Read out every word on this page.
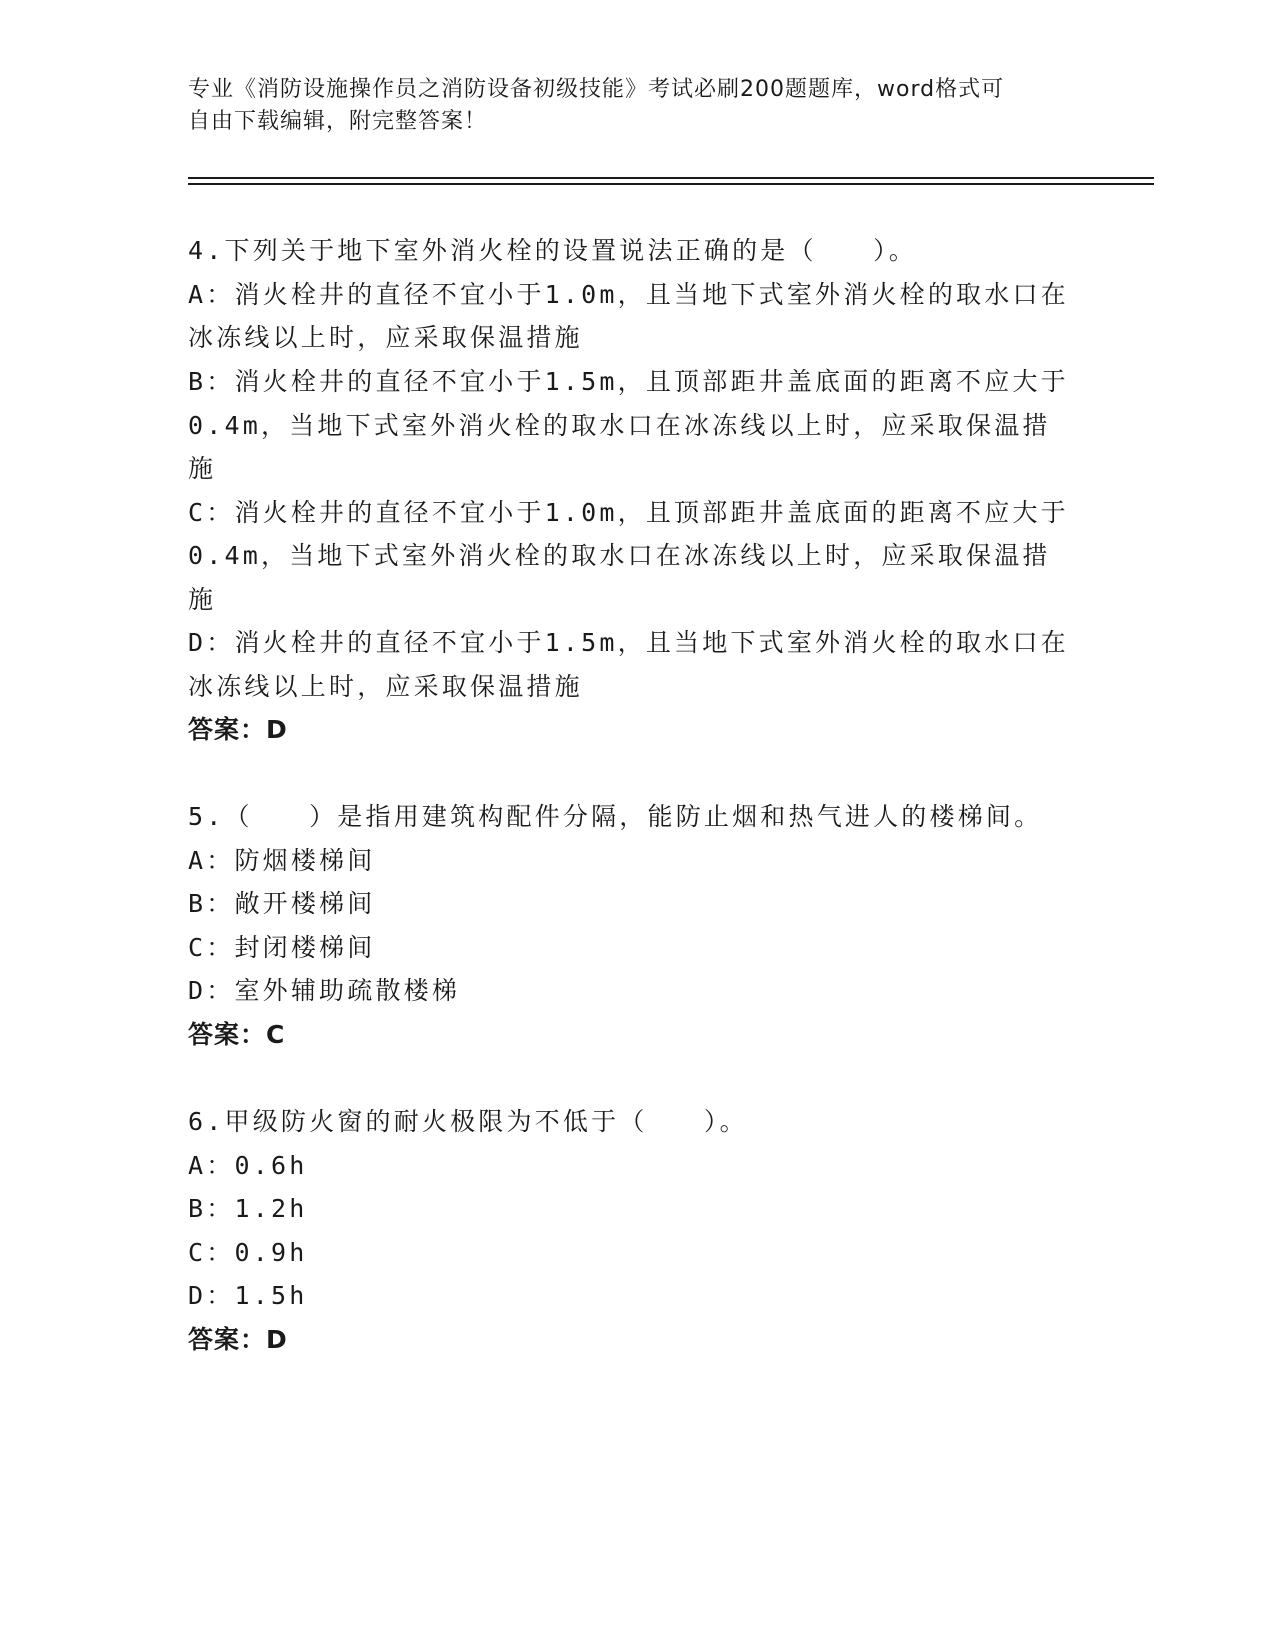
专业《消防设施操作员之消防设备初级技能》考试必刷200题题库，word格式可
自由下载编辑，附完整答案！
4.下列关于地下室外消火栓的设置说法正确的是（　　）。
A：消火栓井的直径不宜小于1.0m，且当地下式室外消火栓的取水口在
冰冻线以上时，应采取保温措施
B：消火栓井的直径不宜小于1.5m，且顶部距井盖底面的距离不应大于
0.4m，当地下式室外消火栓的取水口在冰冻线以上时，应采取保温措
施
C：消火栓井的直径不宜小于1.0m，且顶部距井盖底面的距离不应大于
0.4m，当地下式室外消火栓的取水口在冰冻线以上时，应采取保温措
施
D：消火栓井的直径不宜小于1.5m，且当地下式室外消火栓的取水口在
冰冻线以上时，应采取保温措施
答案：D
5.（　　）是指用建筑构配件分隔，能防止烟和热气进人的楼梯间。
A：防烟楼梯间
B：敞开楼梯间
C：封闭楼梯间
D：室外辅助疏散楼梯
答案：C
6.甲级防火窗的耐火极限为不低于（　　）。
A：0.6h
B：1.2h
C：0.9h
D：1.5h
答案：D
